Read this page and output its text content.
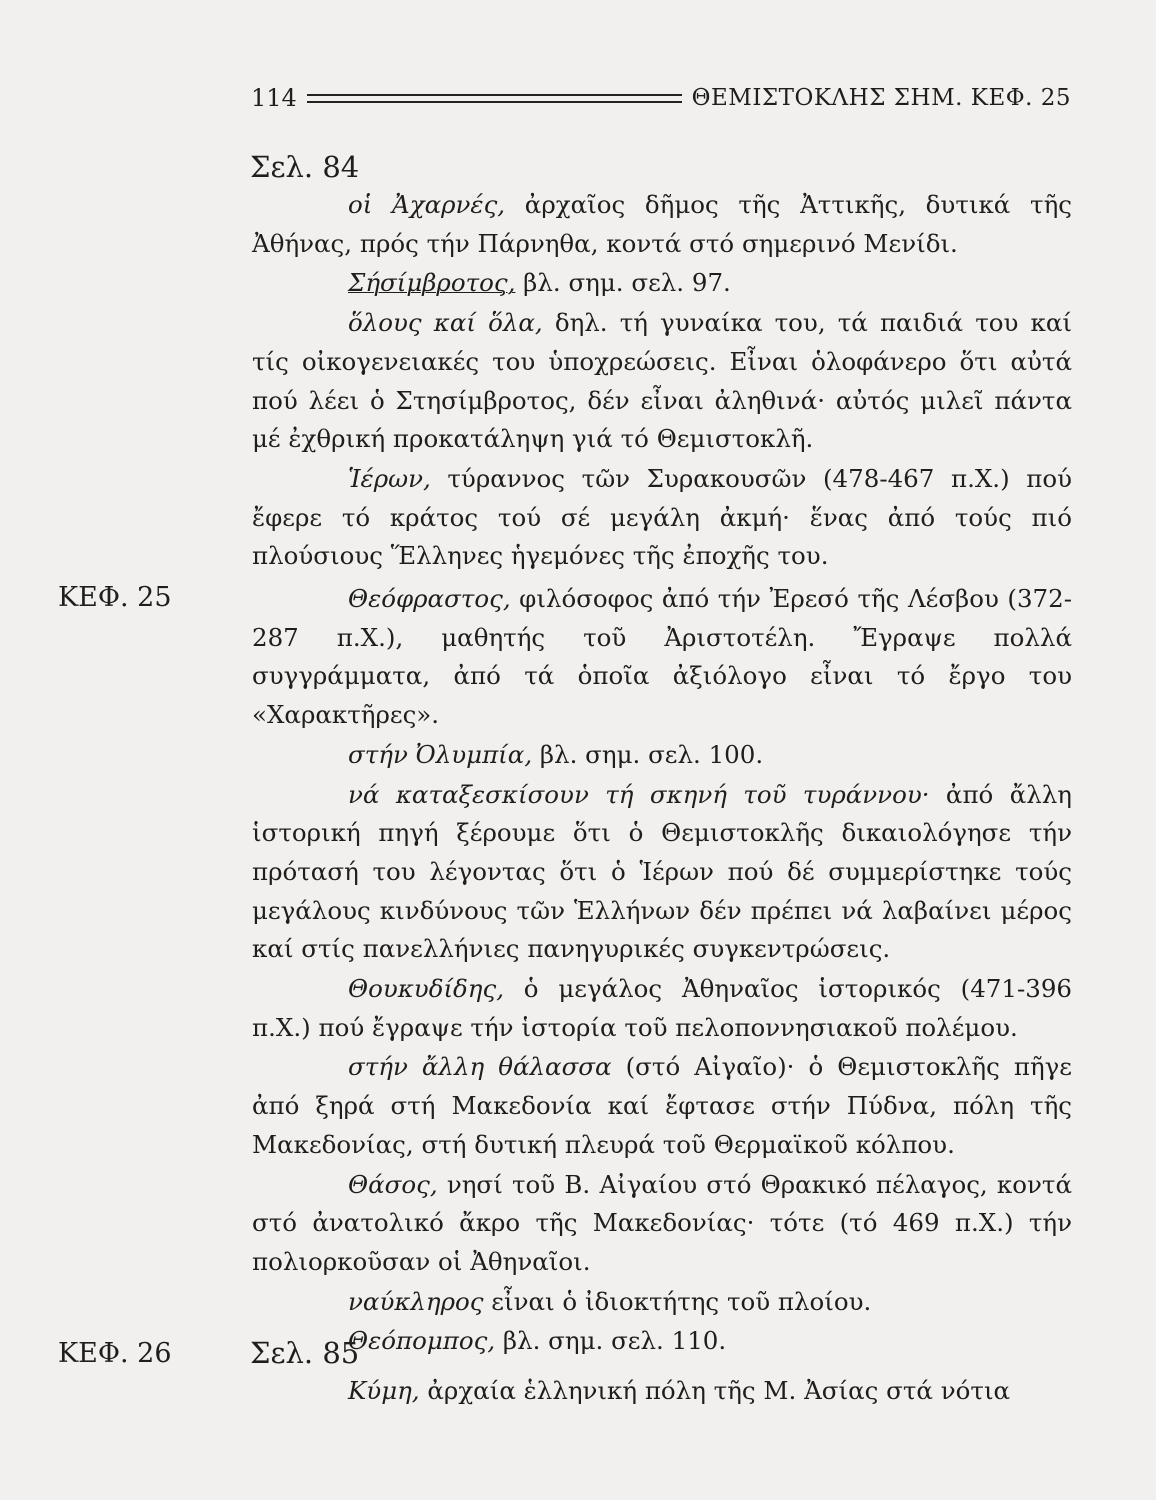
114	ΘΕΜΙΣΤΟΚΛΗΣ ΣΗΜ. ΚΕΦ. 25
Σελ. 84

οἱ Ἀχαρνές, ἀρχαῖος δῆμος τῆς Ἀττικῆς, δυτικά τῆς Ἀθήνας, πρός τήν Πάρνηθα, κοντά στό σημερινό Μενίδι.

Σήσίμβροτος, βλ. σημ. σελ. 97.

ὅλους καί ὅλα, δηλ. τή γυναίκα του, τά παιδιά του καί τίς οἰκογενειακές του ὑποχρεώσεις. Εἶναι ὁλοφάνερο ὅτι αὐτά πού λέει ὁ Στησίμβροτος, δέν εἶναι ἀληθινά· αὐτός μιλεῖ πάντα μέ ἐχθρική προκατάληψη γιά τό Θεμιστοκλῆ.

Ἱέρων, τύραννος τῶν Συρακουσῶν (478-467 π.Χ.) πού ἔφερε τό κράτος τού σέ μεγάλη ἀκμή· ἕνας ἀπό τούς πιό πλούσιους Ἕλληνες ἡγεμόνες τῆς ἐποχῆς του.

ΚΕΦ. 25	Θεόφραστος, φιλόσοφος ἀπό τήν Ἐρεσό τῆς Λέσβου (372-287 π.Χ.), μαθητής τοῦ Ἀριστοτέλη. Ἔγραψε πολλά συγγράμματα, ἀπό τά ὁποῖα ἀξιόλογο εἶναι τό ἔργο του «Χαρακτῆρες».

στήν Ὀλυμπία, βλ. σημ. σελ. 100.

νά καταξεσκίσουν τή σκηνή τοῦ τυράννου· ἀπό ἄλλη ἱστορική πηγή ξέρουμε ὅτι ὁ Θεμιστοκλῆς δικαιολόγησε τήν πρότασή του λέγοντας ὅτι ὁ Ἱέρων πού δέ συμμερίστηκε τούς μεγάλους κινδύνους τῶν Ἑλλήνων δέν πρέπει νά λαβαίνει μέρος καί στίς πανελλήνιες πανηγυρικές συγκεντρώσεις.

Θουκυδίδης, ὁ μεγάλος Ἀθηναῖος ἱστορικός (471-396 π.Χ.) πού ἔγραψε τήν ἱστορία τοῦ πελοποννησιακοῦ πολέμου.

στήν ἄλλη θάλασσα (στό Αἰγαῖο)· ὁ Θεμιστοκλῆς πῆγε ἀπό ξηρά στή Μακεδονία καί ἔφτασε στήν Πύδνα, πόλη τῆς Μακεδονίας, στή δυτική πλευρά τοῦ Θερμαϊκοῦ κόλπου.

Θάσος, νησί τοῦ Β. Αἰγαίου στό Θρακικό πέλαγος, κοντά στό ἀνατολικό ἄκρο τῆς Μακεδονίας· τότε (τό 469 π.Χ.) τήν πολιορκοῦσαν οἱ Ἀθηναῖοι.

ναύκληρος εἶναι ὁ ἰδιοκτήτης τοῦ πλοίου.

Θεόπομπος, βλ. σημ. σελ. 110.

ΚΕΦ. 26	Σελ. 85

Κύμη, ἀρχαία ἑλληνική πόλη τῆς Μ. Ἀσίας στά νότια
